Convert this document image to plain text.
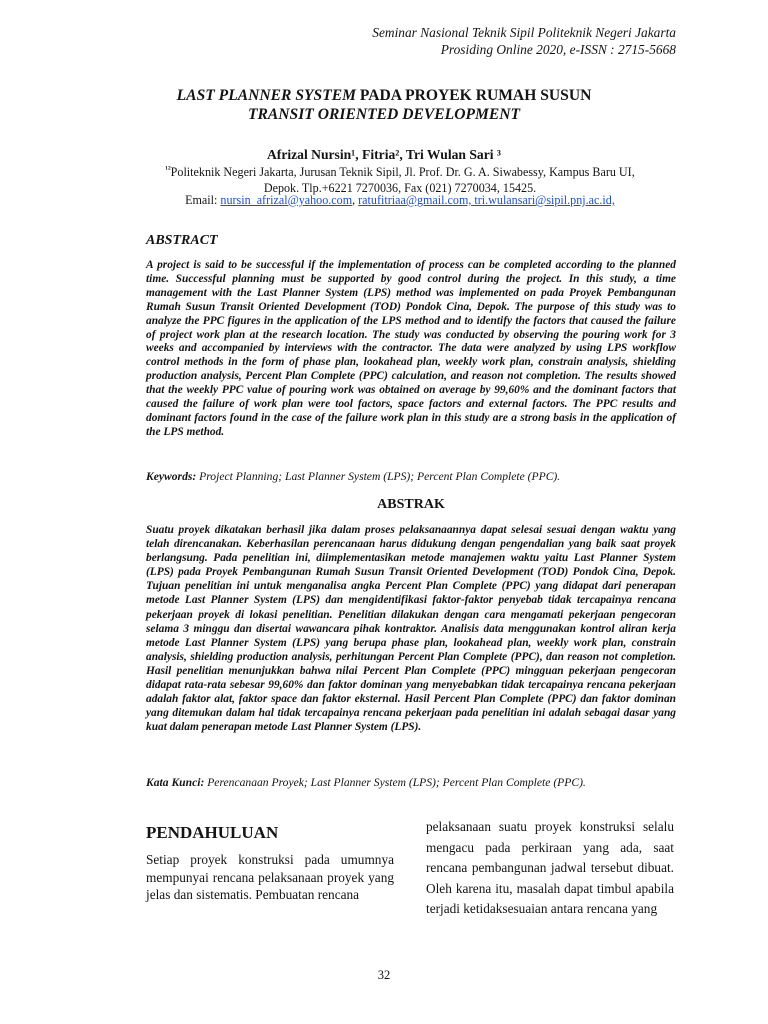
Seminar Nasional Teknik Sipil Politeknik Negeri Jakarta
Prosiding Online 2020, e-ISSN : 2715-5668
LAST PLANNER SYSTEM PADA PROYEK RUMAH SUSUN
TRANSIT ORIENTED DEVELOPMENT
Afrizal Nursin¹, Fitria², Tri Wulan Sari ³
$^{^{12}}$Politeknik Negeri Jakarta, Jurusan Teknik Sipil, Jl. Prof. Dr. G. A. Siwabessy, Kampus Baru UI,
Depok. Tlp.+6221 7270036, Fax (021) 7270034, 15425.
Email: nursin_afrizal@yahoo.com, ratufitriaa@gmail.com, tri.wulansari@sipil.pnj.ac.id,
ABSTRACT

A project is said to be successful if the implementation of process can be completed according to the planned time. Successful planning must be supported by good control during the project. In this study, a time management with the Last Planner System (LPS) method was implemented on pada Proyek Pembangunan Rumah Susun Transit Oriented Development (TOD) Pondok Cina, Depok. The purpose of this study was to analyze the PPC figures in the application of the LPS method and to identify the factors that caused the failure of project work plan at the research location. The study was conducted by observing the pouring work for 3 weeks and accompanied by interviews with the contractor. The data were analyzed by using LPS workflow control methods in the form of phase plan, lookahead plan, weekly work plan, constrain analysis, shielding production analysis, Percent Plan Complete (PPC) calculation, and reason not completion. The results showed that the weekly PPC value of pouring work was obtained on average by 99,60% and the dominant factors that caused the failure of work plan were tool factors, space factors and external factors. The PPC results and dominant factors found in the case of the failure work plan in this study are a strong basis in the application of the LPS method.

Keywords: Project Planning; Last Planner System (LPS); Percent Plan Complete (PPC).
ABSTRAK

Suatu proyek dikatakan berhasil jika dalam proses pelaksanaannya dapat selesai sesuai dengan waktu yang telah direncanakan. Keberhasilan perencanaan harus didukung dengan pengendalian yang baik saat proyek berlangsung. Pada penelitian ini, diimplementasikan metode manajemen waktu yaitu Last Planner System (LPS) pada Proyek Pembangunan Rumah Susun Transit Oriented Development (TOD) Pondok Cina, Depok. Tujuan penelitian ini untuk menganalisa angka Percent Plan Complete (PPC) yang didapat dari penerapan metode Last Planner System (LPS) dan mengidentifikasi faktor-faktor penyebab tidak tercapainya rencana pekerjaan proyek di lokasi penelitian. Penelitian dilakukan dengan cara mengamati pekerjaan pengecoran selama 3 minggu dan disertai wawancara pihak kontraktor. Analisis data menggunakan kontrol aliran kerja metode Last Planner System (LPS) yang berupa phase plan, lookahead plan, weekly work plan, constrain analysis, shielding production analysis, perhitungan Percent Plan Complete (PPC), dan reason not completion. Hasil penelitian menunjukkan bahwa nilai Percent Plan Complete (PPC) mingguan pekerjaan pengecoran didapat rata-rata sebesar 99,60% dan faktor dominan yang menyebabkan tidak tercapainya rencana pekerjaan adalah faktor alat, faktor space dan faktor eksternal. Hasil Percent Plan Complete (PPC) dan faktor dominan yang ditemukan dalam hal tidak tercapainya rencana pekerjaan pada penelitian ini adalah sebagai dasar yang kuat dalam penerapan metode Last Planner System (LPS).

Kata Kunci: Perencanaan Proyek; Last Planner System (LPS); Percent Plan Complete (PPC).
PENDAHULUAN

Setiap proyek konstruksi pada umumnya mempunyai rencana pelaksanaan proyek yang jelas dan sistematis. Pembuatan rencana

pelaksanaan suatu proyek konstruksi selalu mengacu pada perkiraan yang ada, saat rencana pembangunan jadwal tersebut dibuat. Oleh karena itu, masalah dapat timbul apabila terjadi ketidaksesuaian antara rencana yang

32
